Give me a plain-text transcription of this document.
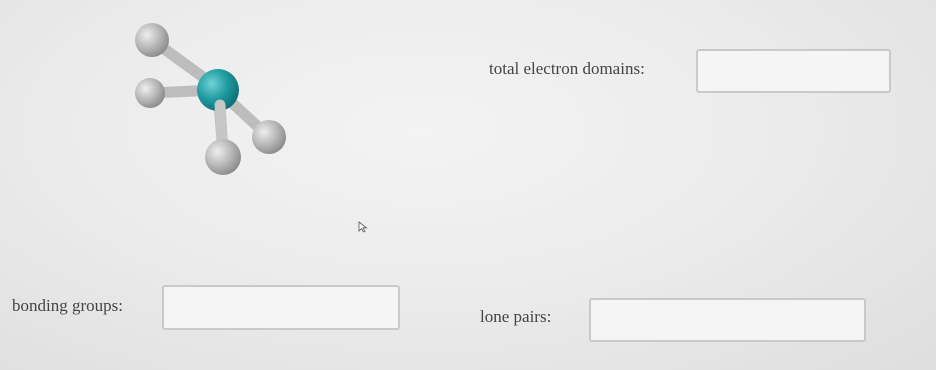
total electron domains:
bonding groups:
lone pairs:
